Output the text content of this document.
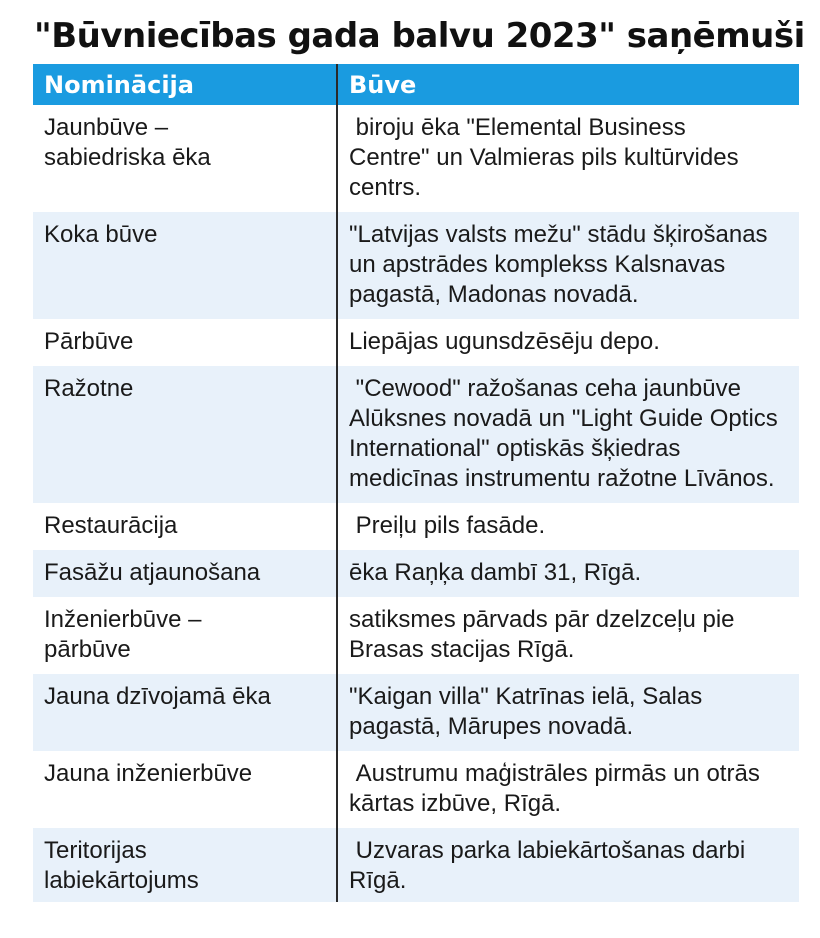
"Būvniecības gada balvu 2023" saņēmuši
Nominācija	Būve
Jaunbūve – sabiedriska ēka	biroju ēka "Elemental Business Centre" un Valmieras pils kultūrvides centrs.
Koka būve	"Latvijas valsts mežu" stādu šķirošanas un apstrādes komplekss Kalsnavas pagastā, Madonas novadā.
Pārbūve	Liepājas ugunsdzēsēju depo.
Ražotne	"Cewood" ražošanas ceha jaunbūve Alūksnes novadā un "Light Guide Optics International" optiskās šķiedras medicīnas instrumentu ražotne Līvānos.
Restaurācija	Preiļu pils fasāde.
Fasāžu atjaunošana	ēka Raņķa dambī 31, Rīgā.
Inženierbūve – pārbūve	satiksmes pārvads pār dzelzceļu pie Brasas stacijas Rīgā.
Jauna dzīvojamā ēka	"Kaigan villa" Katrīnas ielā, Salas pagastā, Mārupes novadā.
Jauna inženierbūve	Austrumu maģistrāles pirmās un otrās kārtas izbūve, Rīgā.
Teritorijas labiekārtojums	Uzvaras parka labiekārtošanas darbi Rīgā.
